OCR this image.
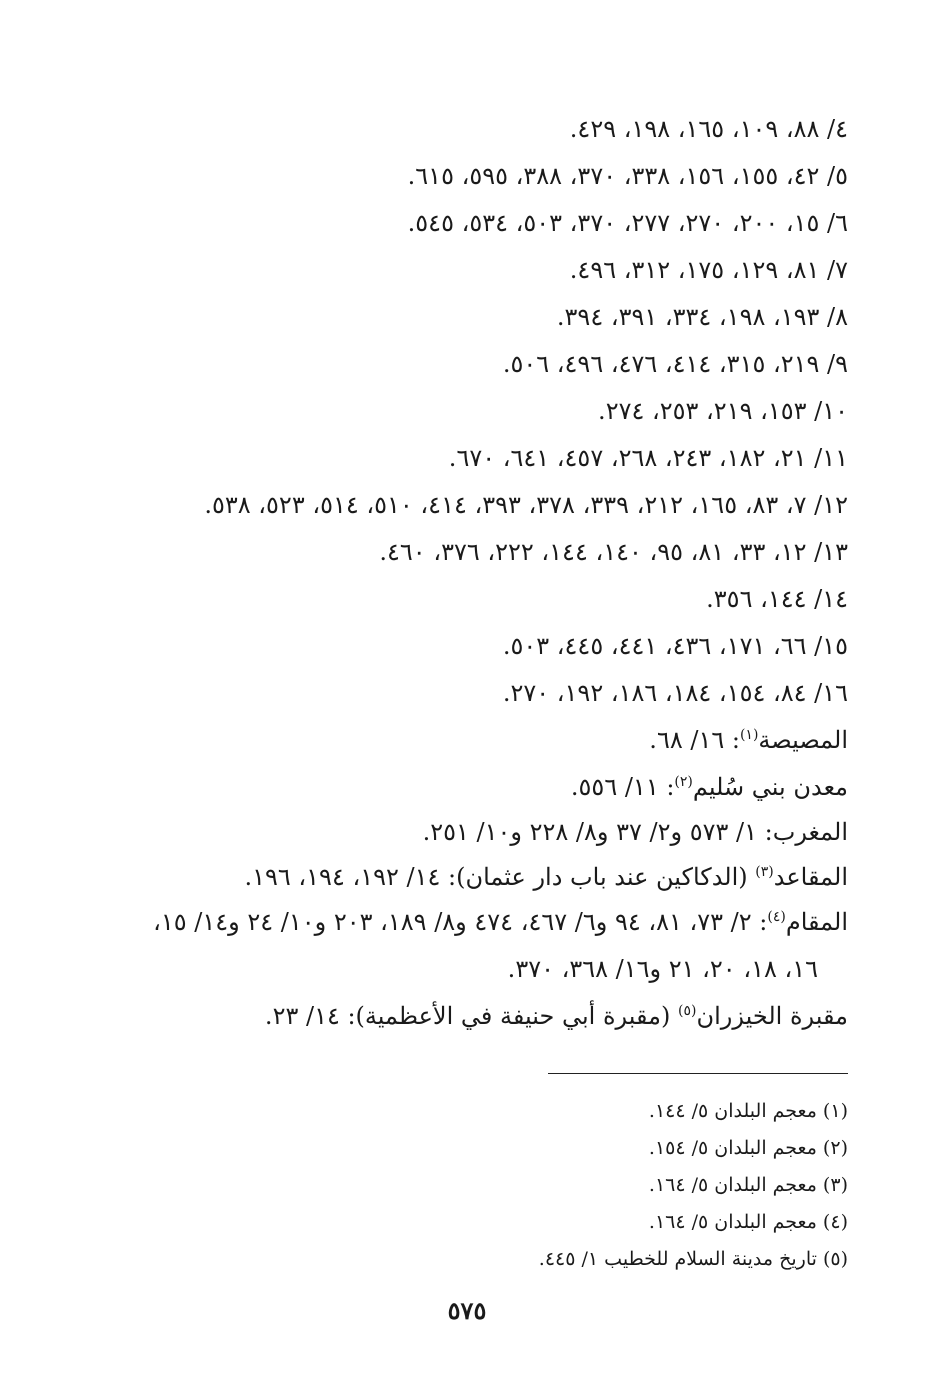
٤/ ٨٨، ١٠٩، ١٦٥، ١٩٨، ٤٢٩.
٥/ ٤٢، ١٥٥، ١٥٦، ٣٣٨، ٣٧٠، ٣٨٨، ٥٩٥، ٦١٥.
٦/ ١٥، ٢٠٠، ٢٧٠، ٢٧٧، ٣٧٠، ٥٠٣، ٥٣٤، ٥٤٥.
٧/ ٨١، ١٢٩، ١٧٥، ٣١٢، ٤٩٦.
٨/ ١٩٣، ١٩٨، ٣٣٤، ٣٩١، ٣٩٤.
٩/ ٢١٩، ٣١٥، ٤١٤، ٤٧٦، ٤٩٦، ٥٠٦.
١٠/ ١٥٣، ٢١٩، ٢٥٣، ٢٧٤.
١١/ ٢١، ١٨٢، ٢٤٣، ٢٦٨، ٤٥٧، ٦٤١، ٦٧٠.
١٢/ ٧، ٨٣، ١٦٥، ٢١٢، ٣٣٩، ٣٧٨، ٣٩٣، ٤١٤، ٥١٠، ٥١٤، ٥٢٣، ٥٣٨.
١٣/ ١٢، ٣٣، ٨١، ٩٥، ١٤٠، ١٤٤، ٢٢٢، ٣٧٦، ٤٦٠.
١٤/ ١٤٤، ٣٥٦.
١٥/ ٦٦، ١٧١، ٤٣٦، ٤٤١، ٤٤٥، ٥٠٣.
١٦/ ٨٤، ١٥٤، ١٨٤، ١٨٦، ١٩٢، ٢٧٠.
المصيصة$^{(١)}$: ١٦/ ٦٨.
معدن بني سُليم$^{(٢)}$: ١١/ ٥٥٦.
المغرب: ١/ ٥٧٣ و٢/ ٣٧ و٨/ ٢٢٨ و١٠/ ٢٥١.
المقاعد$^{(٣)}$ (الدكاكين عند باب دار عثمان): ١٤/ ١٩٢، ١٩٤، ١٩٦.
المقام$^{(٤)}$: ٢/ ٧٣، ٨١، ٩٤ و٦/ ٤٦٧، ٤٧٤ و٨/ ١٨٩، ٢٠٣ و١٠/ ٢٤ و١٤/ ١٥،
١٦، ١٨، ٢٠، ٢١ و١٦/ ٣٦٨، ٣٧٠.
مقبرة الخيزران$^{(٥)}$ (مقبرة أبي حنيفة في الأعظمية): ١٤/ ٢٣.
(١) معجم البلدان ٥/ ١٤٤.
(٢) معجم البلدان ٥/ ١٥٤.
(٣) معجم البلدان ٥/ ١٦٤.
(٤) معجم البلدان ٥/ ١٦٤.
(٥) تاريخ مدينة السلام للخطيب ١/ ٤٤٥.
٥٧٥
